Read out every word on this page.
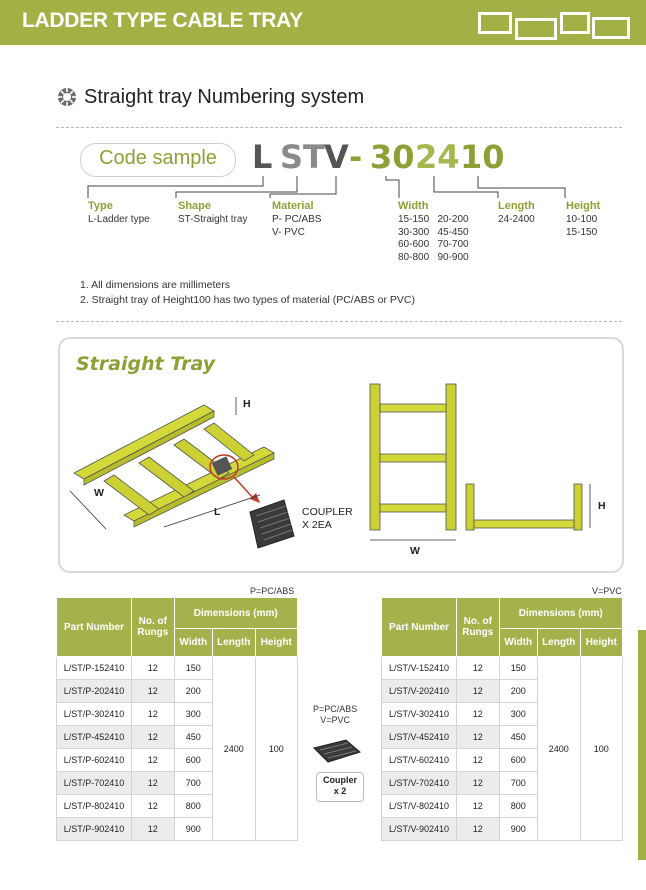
LADDER TYPE CABLE TRAY
Straight tray Numbering system
Code sample	L ST V - 30 24 10
Type
L-Ladder type
Shape
ST-Straight tray
Material
P- PC/ABS
V- PVC
Width
15-150   20-200
30-300   45-450
60-600   70-700
80-800   90-900
Length
24-2400
Height
10-100
15-150
1. All dimensions are millimeters
2. Straight tray of Height100 has two types of material (PC/ABS or PVC)
Straight Tray
H
W
L	COUPLER
X 2EA
H
W
P=PC/ABS	V=PVC
Part Number	No. of Rungs	Dimensions (mm)		
		Width	Length	Height
L/ST/P-152410	12	150	2400	100
L/ST/P-202410	12	200		
L/ST/P-302410	12	300		
L/ST/P-452410	12	450		
L/ST/P-602410	12	600		
L/ST/P-702410	12	700		
L/ST/P-802410	12	800		
L/ST/P-902410	12	900		
P=PC/ABS
V=PVC
Coupler
x 2
Part Number	No. of Rungs	Dimensions (mm)		
		Width	Length	Height
L/ST/V-152410	12	150	2400	100
L/ST/V-202410	12	200		
L/ST/V-302410	12	300		
L/ST/V-452410	12	450		
L/ST/V-602410	12	600		
L/ST/V-702410	12	700		
L/ST/V-802410	12	800		
L/ST/V-902410	12	900		
